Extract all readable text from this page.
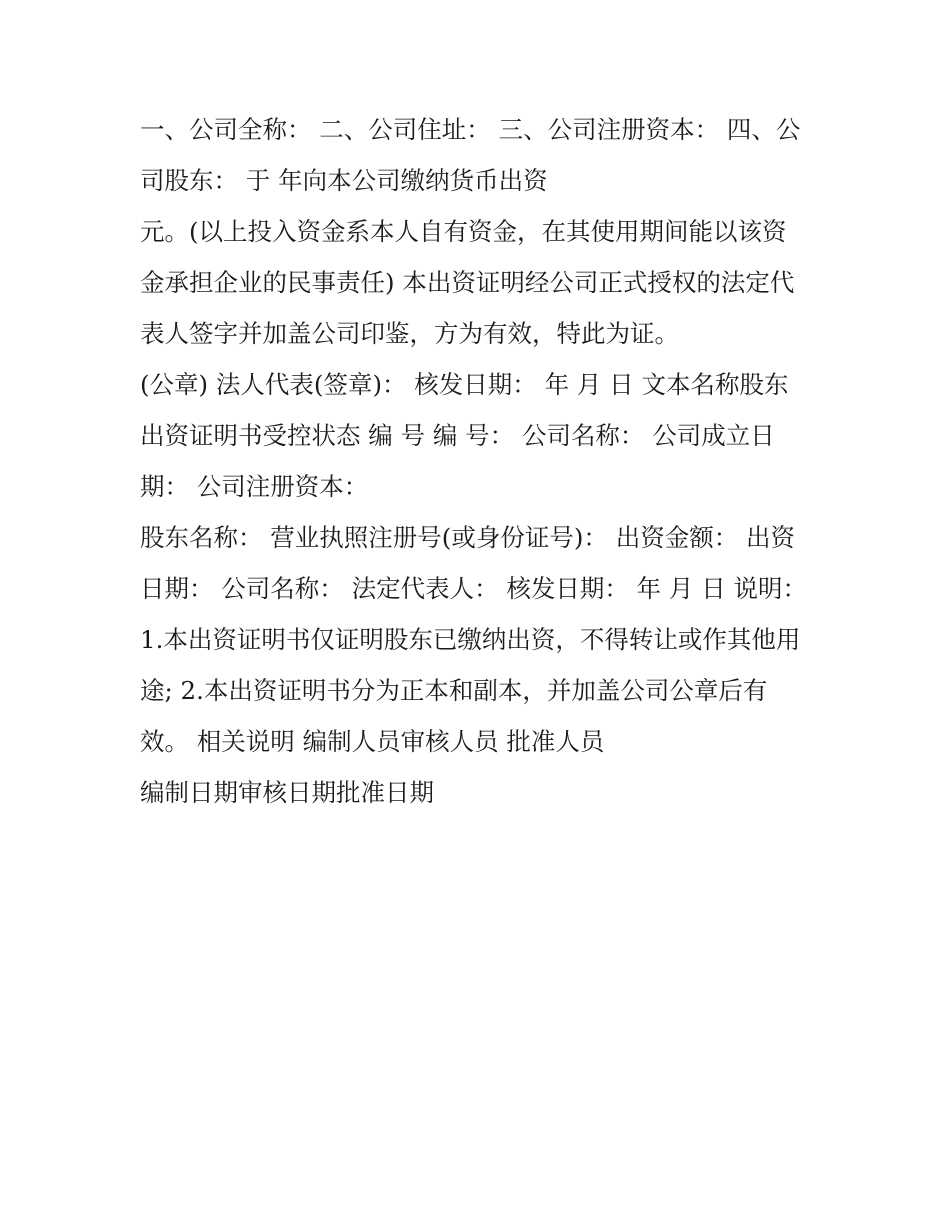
一、公司全称： 二、公司住址： 三、公司注册资本： 四、公
司股东： 于 年向本公司缴纳货币出资
元。(以上投入资金系本人自有资金，在其使用期间能以该资
金承担企业的民事责任) 本出资证明经公司正式授权的法定代
表人签字并加盖公司印鉴，方为有效，特此为证。
(公章) 法人代表(签章)： 核发日期： 年 月 日 文本名称股东
出资证明书受控状态 编 号 编 号： 公司名称： 公司成立日
期： 公司注册资本：
股东名称： 营业执照注册号(或身份证号)： 出资金额： 出资
日期： 公司名称： 法定代表人： 核发日期： 年 月 日 说明：
1.本出资证明书仅证明股东已缴纳出资，不得转让或作其他用
途; 2.本出资证明书分为正本和副本，并加盖公司公章后有
效。 相关说明 编制人员审核人员 批准人员
编制日期审核日期批准日期
